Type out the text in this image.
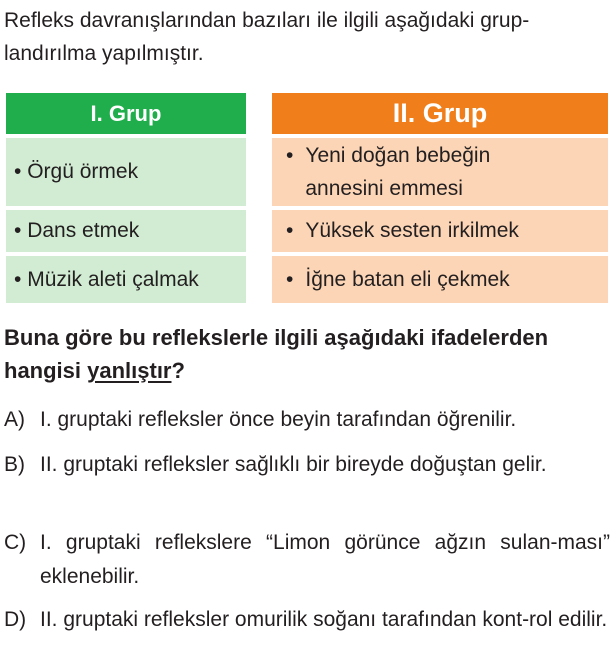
Refleks davranışlarından bazıları ile ilgili aşağıdaki grup-
landırılma yapılmıştır.
I. Grup
•
Örgü örmek
•
Dans etmek
•
Müzik aleti çalmak
II. Grup
• Yeni doğan bebeğin
annesini emmesi
• Yüksek sesten irkilmek
• İğne batan eli çekmek
Buna göre bu reflekslerle ilgili aşağıdaki ifadelerden hangisi yanlıştır?
A) I. gruptaki refleksler önce beyin tarafından öğrenilir.
B) II. gruptaki refleksler sağlıklı bir bireyde doğuştan gelir.
C) I. gruptaki reflekslere “Limon görünce ağzın sulan-ması” eklenebilir.
D) II. gruptaki refleksler omurilik soğanı tarafından kont-rol edilir.
